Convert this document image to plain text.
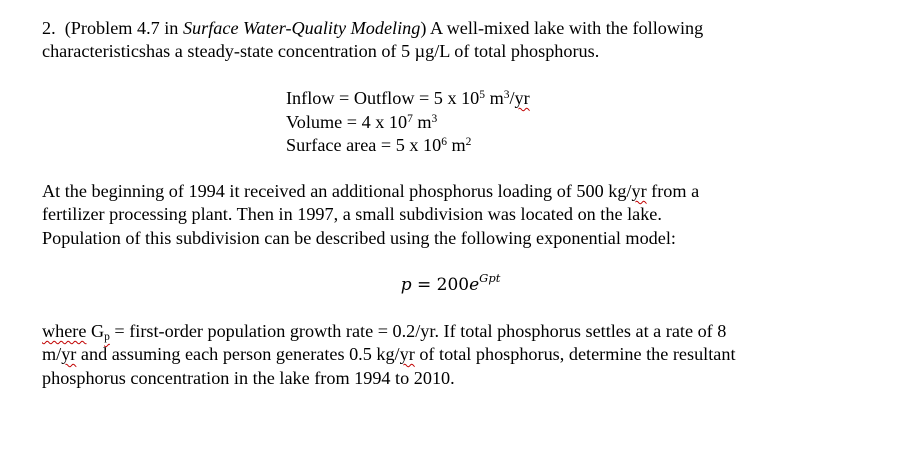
2. (Problem 4.7 in Surface Water-Quality Modeling) A well-mixed lake with the following
characteristicshas a steady-state concentration of 5 µg/L of total phosphorus.
Inflow = Outflow = 5 x $10^5$ $m^3/yr$
Volume = 4 x $10^7$ $m^3$
Surface area = 5 x $10^6$ $m^2$
At the beginning of 1994 it received an additional phosphorus loading of 500 kg/yr from a
fertilizer processing plant. Then in 1997, a small subdivision was located on the lake.
Population of this subdivision can be described using the following exponential model:
$p = 200e^{Gpt}$
where $G_p$ = first-order population growth rate = 0.2/yr. If total phosphorus settles at a rate of 8
m/yr and assuming each person generates 0.5 kg/yr of total phosphorus, determine the resultant
phosphorus concentration in the lake from 1994 to 2010.
